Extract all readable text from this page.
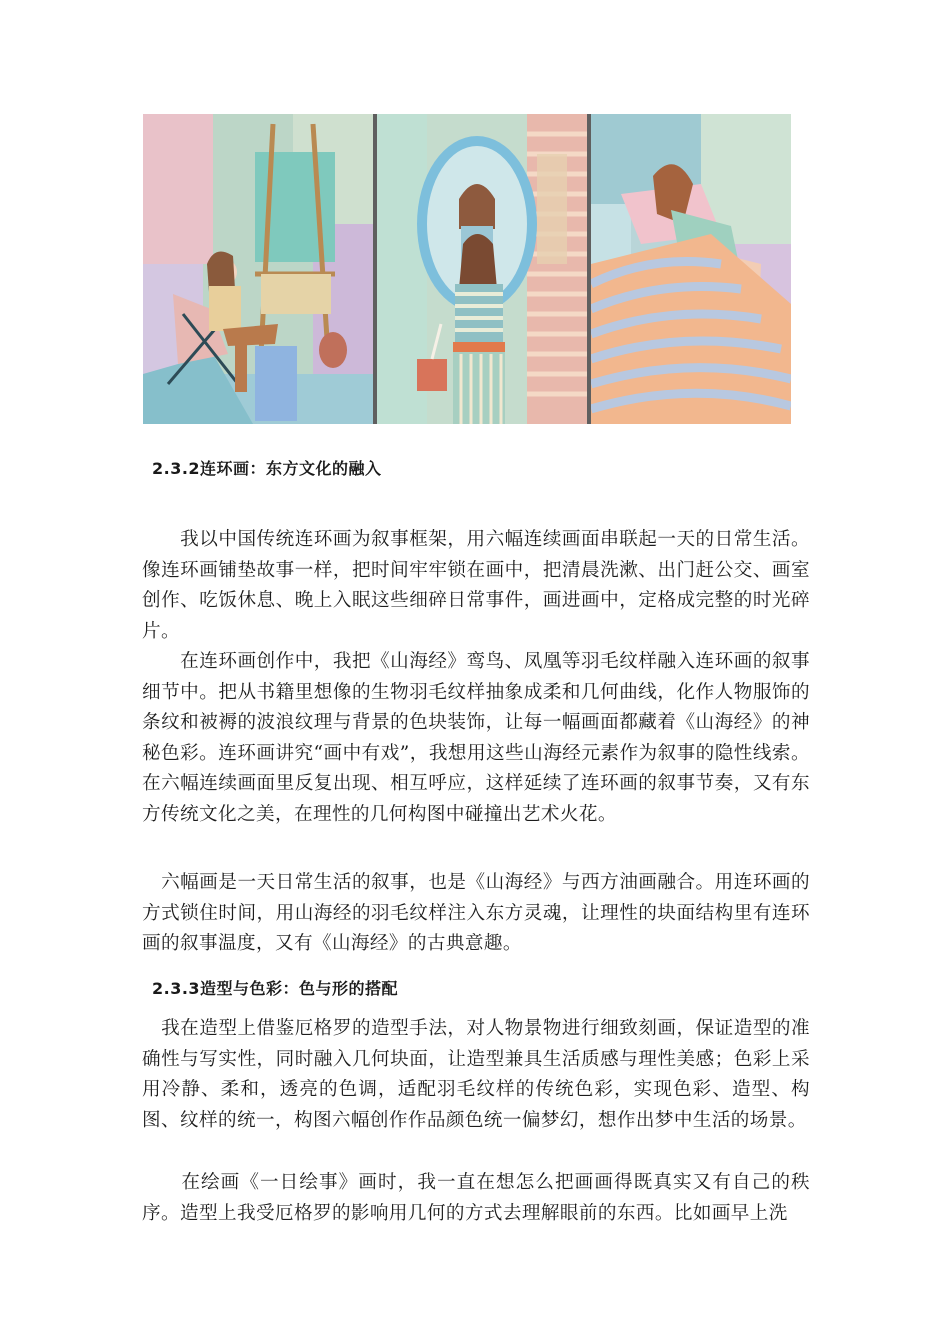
2.3.2连环画：东方文化的融入

　　我以中国传统连环画为叙事框架，用六幅连续画面串联起一天的日常生活。像连环画铺垫故事一样，把时间牢牢锁在画中，把清晨洗漱、出门赶公交、画室创作、吃饭休息、晚上入眠这些细碎日常事件，画进画中，定格成完整的时光碎片。

　　在连环画创作中，我把《山海经》鸾鸟、凤凰等羽毛纹样融入连环画的叙事细节中。把从书籍里想像的生物羽毛纹样抽象成柔和几何曲线，化作人物服饰的条纹和被褥的波浪纹理与背景的色块装饰，让每一幅画面都藏着《山海经》的神秘色彩。连环画讲究“画中有戏”，我想用这些山海经元素作为叙事的隐性线索。在六幅连续画面里反复出现、相互呼应，这样延续了连环画的叙事节奏，又有东方传统文化之美，在理性的几何构图中碰撞出艺术火花。

　六幅画是一天日常生活的叙事，也是《山海经》与西方油画融合。用连环画的方式锁住时间，用山海经的羽毛纹样注入东方灵魂，让理性的块面结构里有连环画的叙事温度，又有《山海经》的古典意趣。

2.3.3造型与色彩：色与形的搭配

　我在造型上借鉴厄格罗的造型手法，对人物景物进行细致刻画，保证造型的准确性与写实性，同时融入几何块面，让造型兼具生活质感与理性美感；色彩上采用冷静、柔和，透亮的色调，适配羽毛纹样的传统色彩，实现色彩、造型、构图、纹样的统一，构图六幅创作作品颜色统一偏梦幻，想作出梦中生活的场景。

　　在绘画《一日绘事》画时，我一直在想怎么把画画得既真实又有自己的秩序。造型上我受厄格罗的影响用几何的方式去理解眼前的东西。比如画早上洗
